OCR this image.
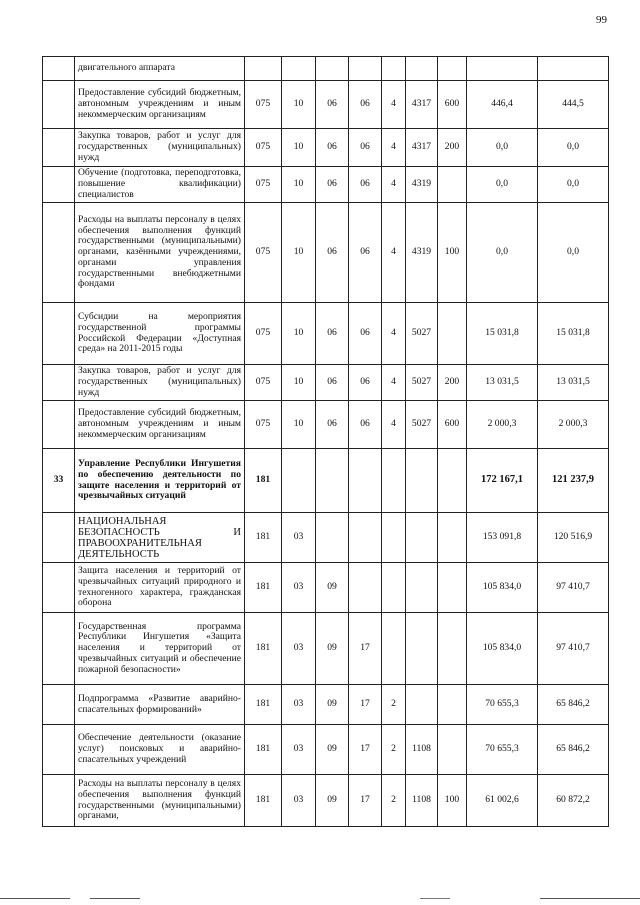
99
	двигательного аппарата									
	Предоставление субсидий бюджетным, автономным учреждениям и иным некоммерческим организациям	075	10	06	06	4	4317	600	446,4	444,5
	Закупка товаров, работ и услуг для государственных (муниципальных) нужд	075	10	06	06	4	4317	200	0,0	0,0
	Обучение (подготовка, переподготовка, повышение квалификации) специалистов	075	10	06	06	4	4319		0,0	0,0
	Расходы на выплаты персоналу в целях обеспечения выполнения функций государственными (муниципальными) органами, казёнными учреждениями, органами управления государственными внебюджетными фондами	075	10	06	06	4	4319	100	0,0	0,0
	Субсидии на мероприятия государственной программы Российской Федерации «Доступная среда» на 2011-2015 годы	075	10	06	06	4	5027		15 031,8	15 031,8
	Закупка товаров, работ и услуг для государственных (муниципальных) нужд	075	10	06	06	4	5027	200	13 031,5	13 031,5
	Предоставление субсидий бюджетным, автономным учреждениям и иным некоммерческим организациям	075	10	06	06	4	5027	600	2 000,3	2 000,3
33	Управление Республики Ингушетия по обеспечению деятельности по защите населения и территорий от чрезвычайных ситуаций	181							172 167,1	121 237,9
	НАЦИОНАЛЬНАЯ БЕЗОПАСНОСТЬ И ПРАВООХРАНИТЕЛЬНАЯ ДЕЯТЕЛЬНОСТЬ	181	03						153 091,8	120 516,9
	Защита населения и территорий от чрезвычайных ситуаций природного и техногенного характера, гражданская оборона	181	03	09					105 834,0	97 410,7
	Государственная программа Республики Ингушетия «Защита населения и территорий от чрезвычайных ситуаций и обеспечение пожарной безопасности»	181	03	09	17				105 834,0	97 410,7
	Подпрограмма «Развитие аварийно-спасательных формирований»	181	03	09	17	2			70 655,3	65 846,2
	Обеспечение деятельности (оказание услуг) поисковых и аварийно-спасательных учреждений	181	03	09	17	2	1108		70 655,3	65 846,2
	Расходы на выплаты персоналу в целях обеспечения выполнения функций государственными (муниципальными) органами,	181	03	09	17	2	1108	100	61 002,6	60 872,2
